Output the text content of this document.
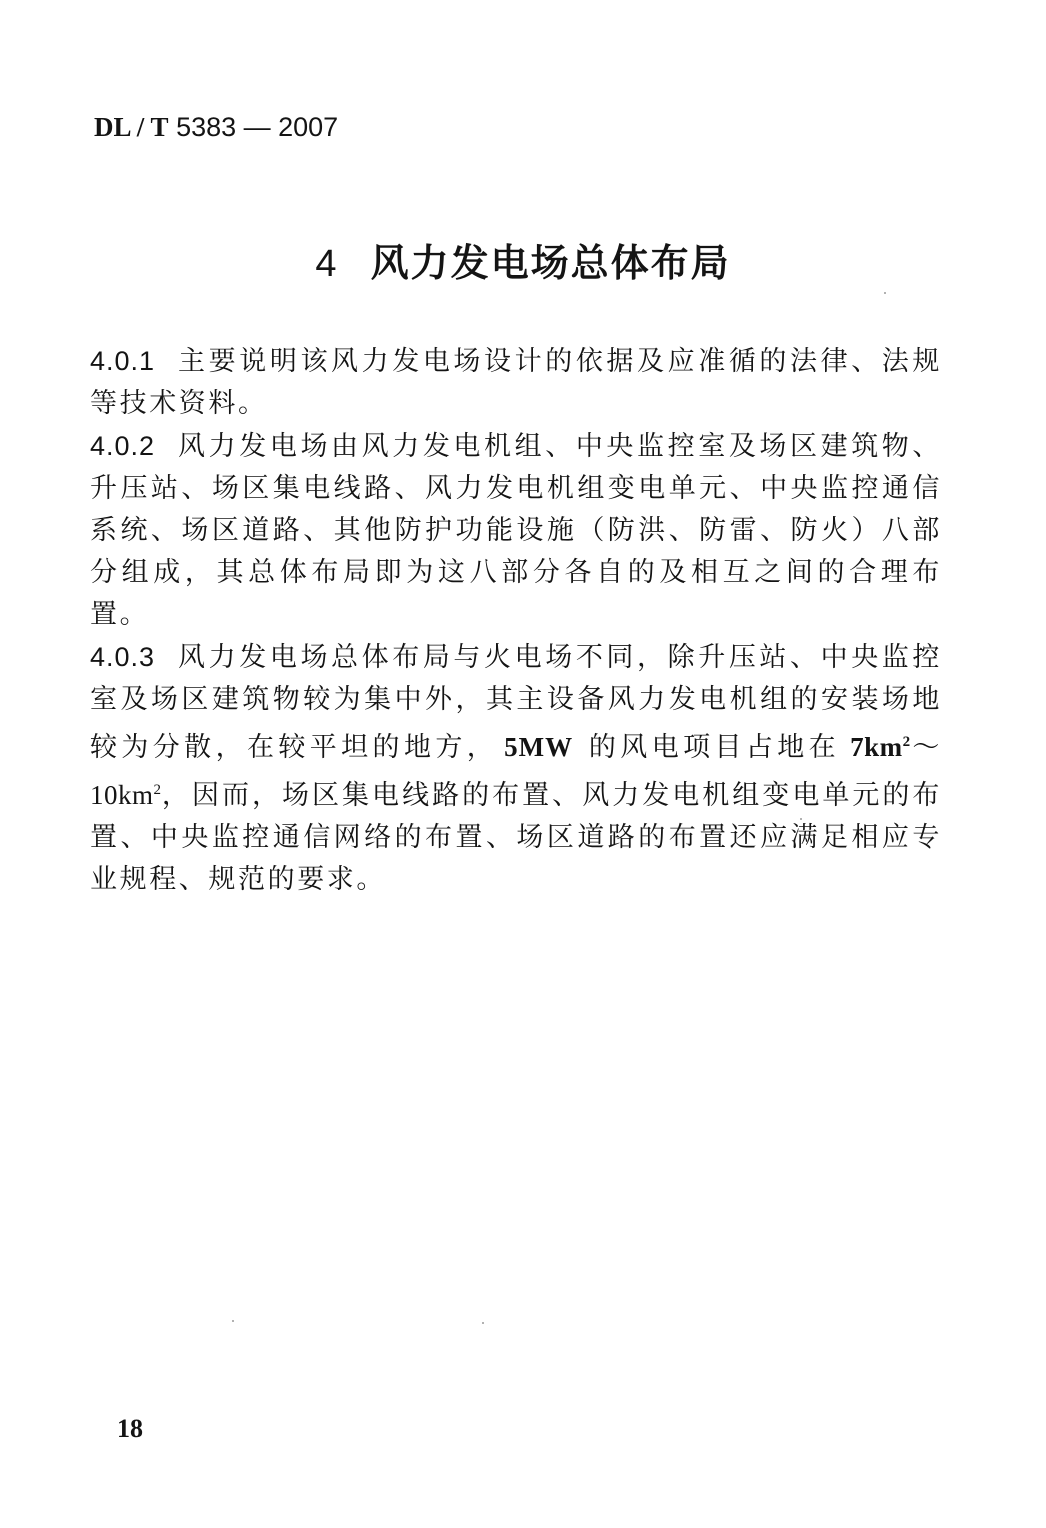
DL / T 5383 — 2007
4 风力发电场总体布局

4.0.1 主要说明该风力发电场设计的依据及应准循的法律、法规等技术资料。

4.0.2 风力发电场由风力发电机组、中央监控室及场区建筑物、升压站、场区集电线路、风力发电机组变电单元、中央监控通信系统、场区道路、其他防护功能设施（防洪、防雷、防火）八部分组成，其总体布局即为这八部分各自的及相互之间的合理布置。

4.0.3 风力发电场总体布局与火电场不同，除升压站、中央监控室及场区建筑物较为集中外，其主设备风力发电机组的安装场地较为分散，在较平坦的地方， 5MW 的风电项目占地在 $7km^2\sim 10km^2$，因而，场区集电线路的布置、风力发电机组变电单元的布置、中央监控通信网络的布置、场区道路的布置还应满足相应专业规程、规范的要求。

18
